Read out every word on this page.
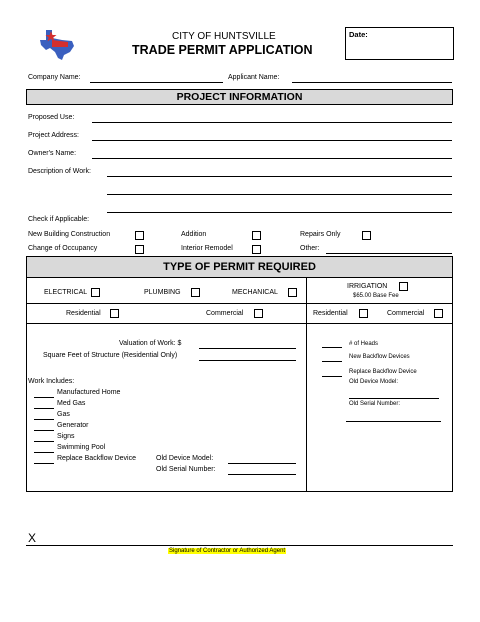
CITY OF HUNTSVILLE
TRADE PERMIT APPLICATION
Date:
Company Name:	Applicant Name:
PROJECT INFORMATION
Proposed Use:
Project Address:
Owner's Name:
Description of Work:
Check if Applicable:
New Building Construction	Addition	Repairs Only
Change of Occupancy	Interior Remodel	Other:
TYPE OF PERMIT REQUIRED
ELECTRICAL	PLUMBING	MECHANICAL
IRRIGATION
$65.00 Base Fee
Residential	Commercial	Residential	Commercial
Valuation of Work: $
Square Feet of Structure (Residential Only)
Work Includes:
Manufactured Home
Med Gas
Gas
Generator
Signs
Swimming Pool
Replace Backflow Device	Old Device Model:
Old Serial Number:
# of Heads
New Backflow Devices
Replace Backflow Device
Old Device Model:
Old Serial Number:
X
Signature of Contractor or Authorized Agent
